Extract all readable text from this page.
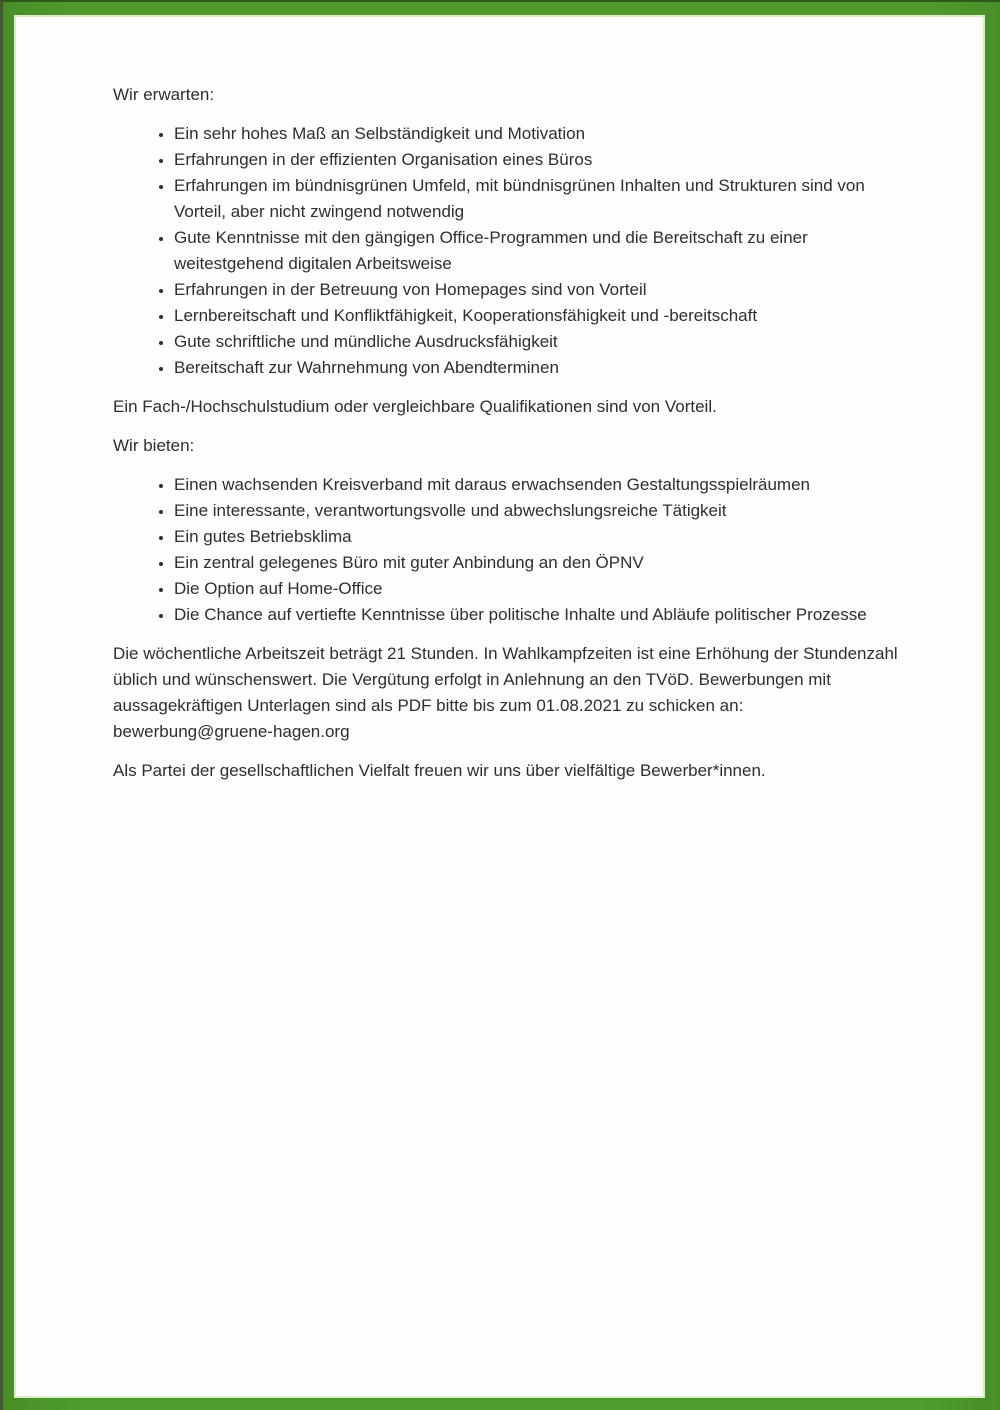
Wir erwarten:

• Ein sehr hohes Maß an Selbständigkeit und Motivation
• Erfahrungen in der effizienten Organisation eines Büros
• Erfahrungen im bündnisgrünen Umfeld, mit bündnisgrünen Inhalten und Strukturen sind von Vorteil, aber nicht zwingend notwendig
• Gute Kenntnisse mit den gängigen Office-Programmen und die Bereitschaft zu einer weitestgehend digitalen Arbeitsweise
• Erfahrungen in der Betreuung von Homepages sind von Vorteil
• Lernbereitschaft und Konfliktfähigkeit, Kooperationsfähigkeit und -bereitschaft
• Gute schriftliche und mündliche Ausdrucksfähigkeit
• Bereitschaft zur Wahrnehmung von Abendterminen

Ein Fach-/Hochschulstudium oder vergleichbare Qualifikationen sind von Vorteil.

Wir bieten:

• Einen wachsenden Kreisverband mit daraus erwachsenden Gestaltungsspielräumen
• Eine interessante, verantwortungsvolle und abwechslungsreiche Tätigkeit
• Ein gutes Betriebsklima
• Ein zentral gelegenes Büro mit guter Anbindung an den ÖPNV
• Die Option auf Home-Office
• Die Chance auf vertiefte Kenntnisse über politische Inhalte und Abläufe politischer Prozesse

Die wöchentliche Arbeitszeit beträgt 21 Stunden. In Wahlkampfzeiten ist eine Erhöhung der Stundenzahl üblich und wünschenswert. Die Vergütung erfolgt in Anlehnung an den TVöD. Bewerbungen mit aussagekräftigen Unterlagen sind als PDF bitte bis zum 01.08.2021 zu schicken an: bewerbung@gruene-hagen.org

Als Partei der gesellschaftlichen Vielfalt freuen wir uns über vielfältige Bewerber*innen.
